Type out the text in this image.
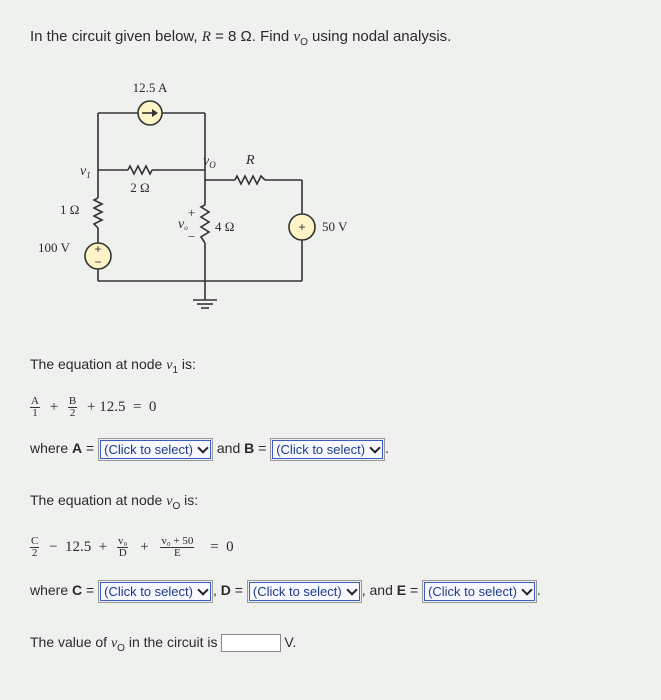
In the circuit given below, R = 8 Ω. Find $v_O$ using nodal analysis.
+
−
+
12.5 A
$v_1$
2 Ω
1 Ω
4 Ω
R
$v_O$
+
vo
−
100 V
50 V
The equation at node $v_1$ is:
$\frac{A}{1} + \frac{B}{2} + 12.5 = 0$
where A = (Click to select) and B = (Click to select) .
The equation at node $v_O$ is:
$\frac{C}{2} - 12.5 + \frac{\text{v₀}}{D} + \frac{\text{v₀ + 50}}{E} = 0$
where C = (Click to select) , D = (Click to select) , and E = (Click to select) .
The value of $v_O$ in the circuit is	V.
